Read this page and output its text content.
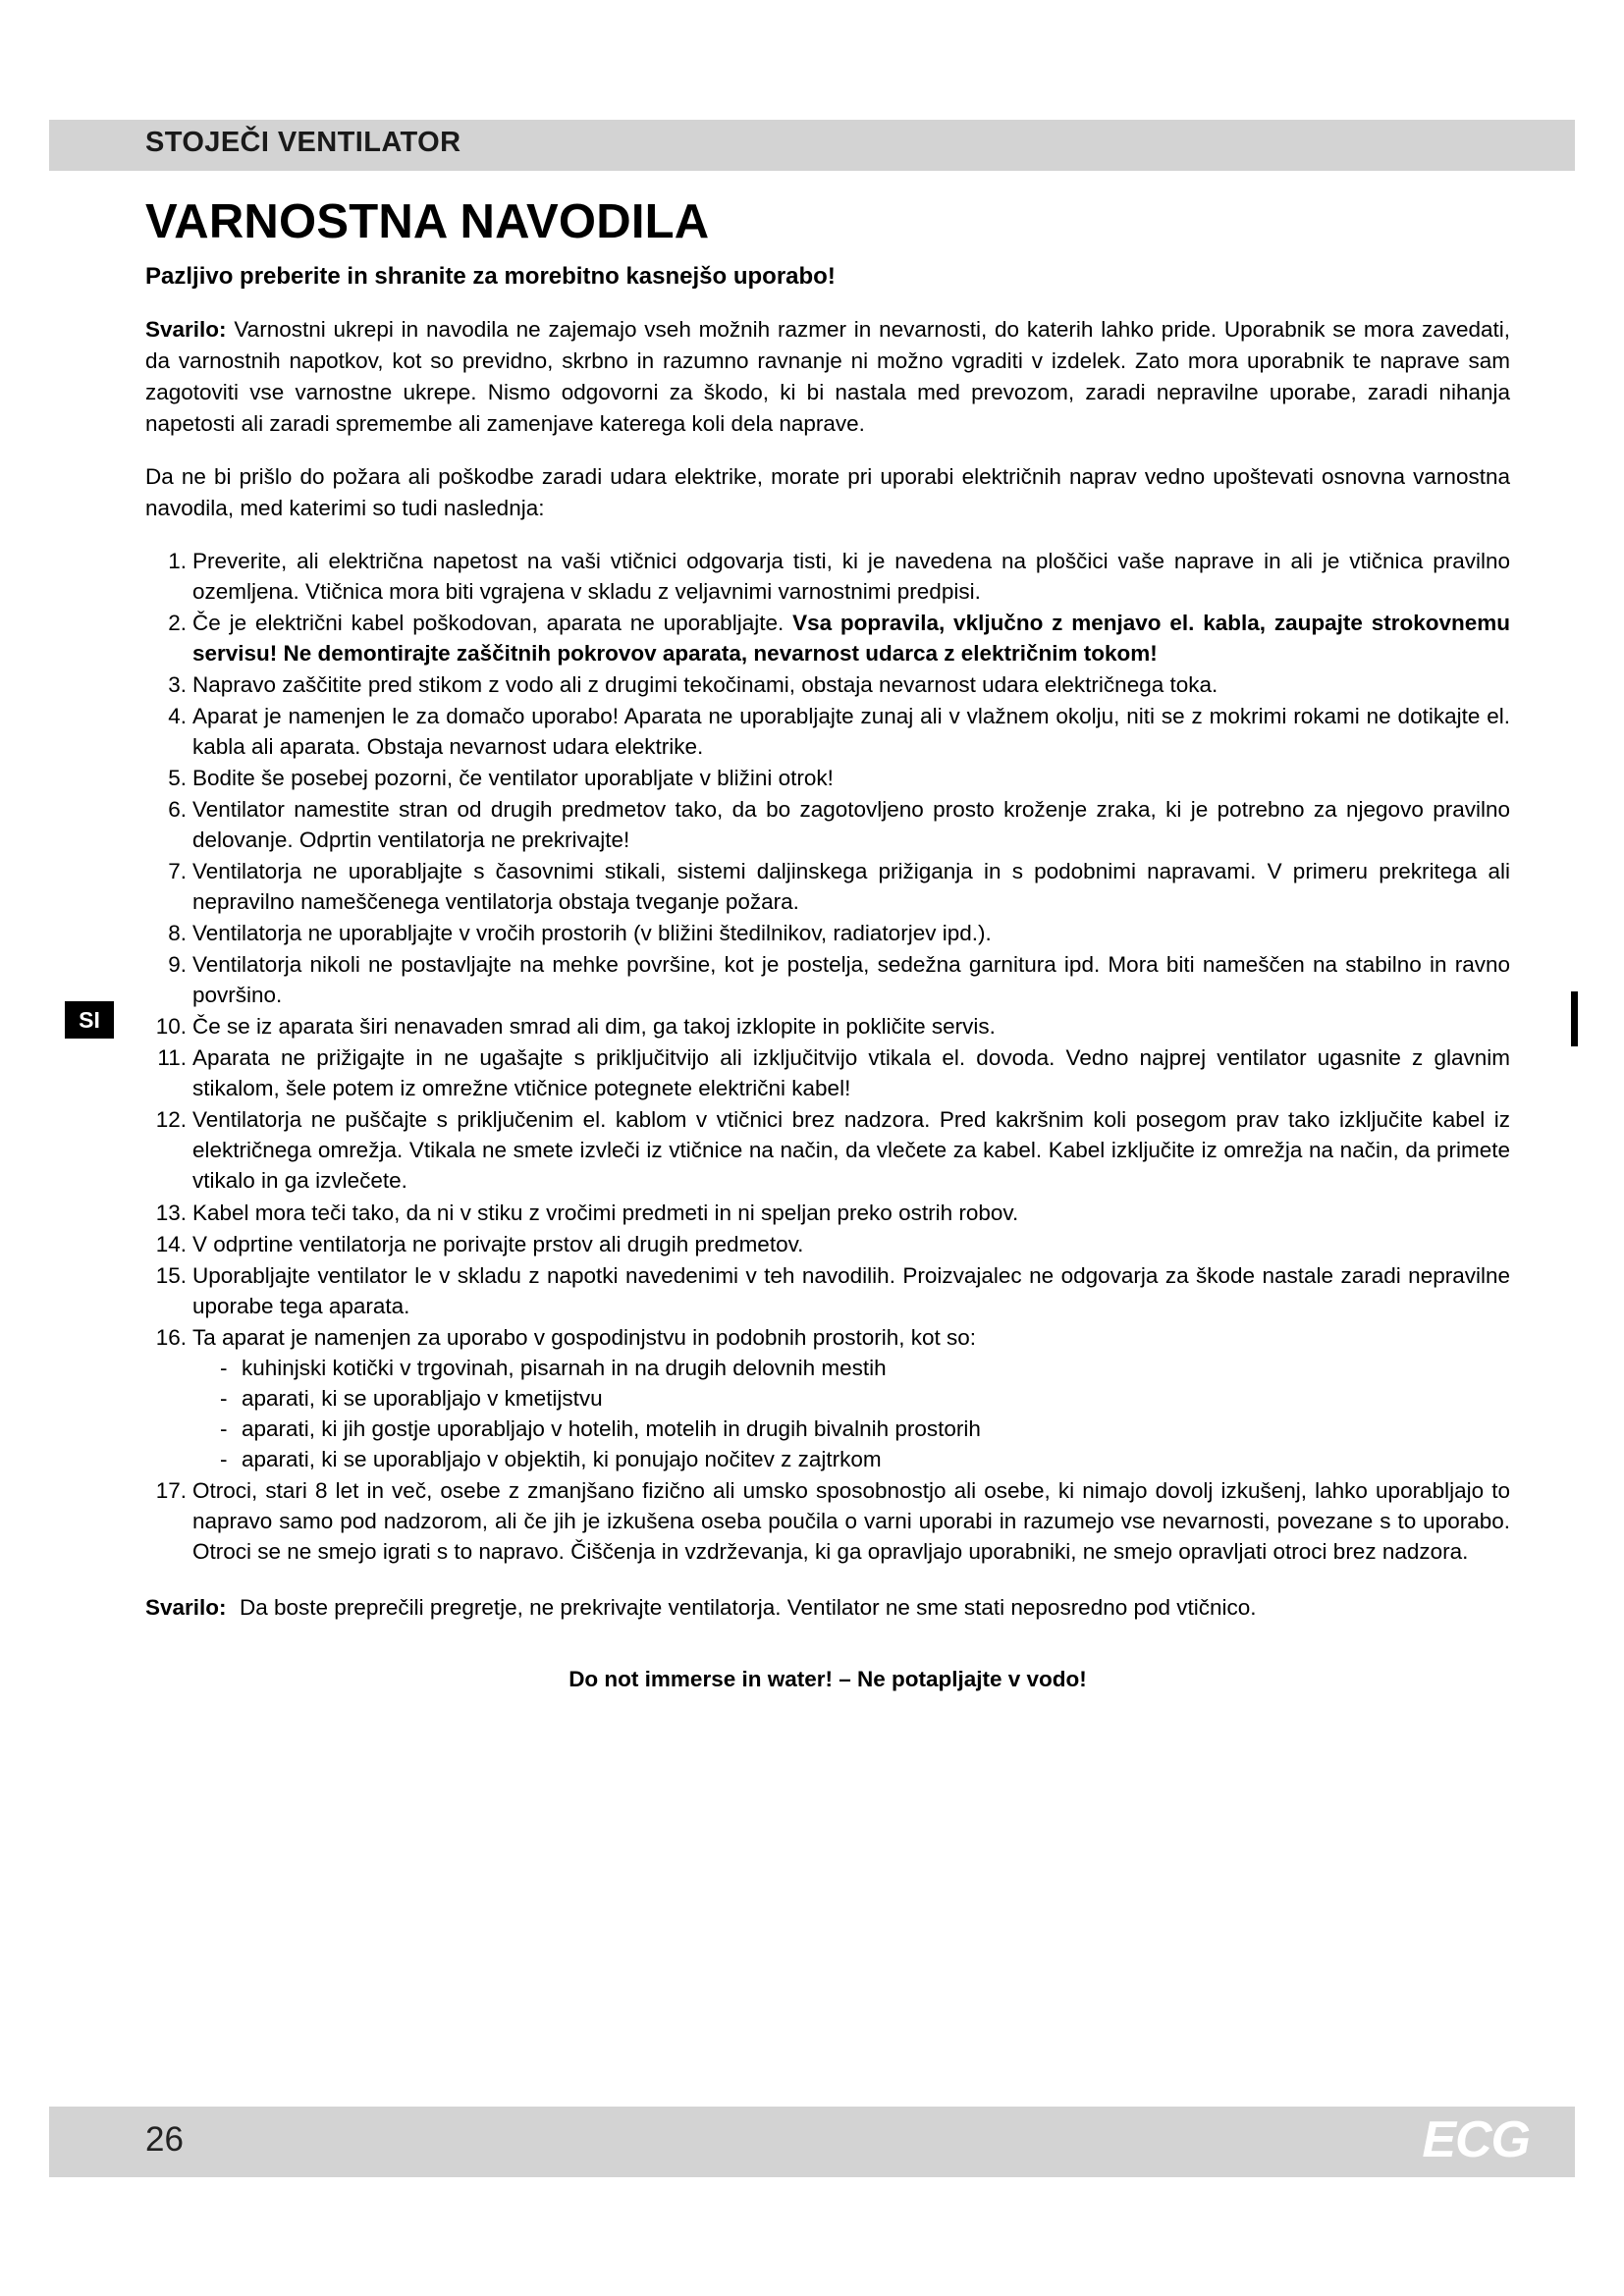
STOJEČI VENTILATOR
SI
VARNOSTNA NAVODILA
Pazljivo preberite in shranite za morebitno kasnejšo uporabo!

Svarilo: Varnostni ukrepi in navodila ne zajemajo vseh možnih razmer in nevarnosti, do katerih lahko pride. Uporabnik se mora zavedati, da varnostnih napotkov, kot so previdno, skrbno in razumno ravnanje ni možno vgraditi v izdelek. Zato mora uporabnik te naprave sam zagotoviti vse varnostne ukrepe. Nismo odgovorni za škodo, ki bi nastala med prevozom, zaradi nepravilne uporabe, zaradi nihanja napetosti ali zaradi spremembe ali zamenjave katerega koli dela naprave.

Da ne bi prišlo do požara ali poškodbe zaradi udara elektrike, morate pri uporabi električnih naprav vedno upoštevati osnovna varnostna navodila, med katerimi so tudi naslednja:

1. Preverite, ali električna napetost na vaši vtičnici odgovarja tisti, ki je navedena na ploščici vaše naprave in ali je vtičnica pravilno ozemljena. Vtičnica mora biti vgrajena v skladu z veljavnimi varnostnimi predpisi.
2. Če je električni kabel poškodovan, aparata ne uporabljajte. Vsa popravila, vključno z menjavo el. kabla, zaupajte strokovnemu servisu! Ne demontirajte zaščitnih pokrovov aparata, nevarnost udarca z električnim tokom!
3. Napravo zaščitite pred stikom z vodo ali z drugimi tekočinami, obstaja nevarnost udara električnega toka.
4. Aparat je namenjen le za domačo uporabo! Aparata ne uporabljajte zunaj ali v vlažnem okolju, niti se z mokrimi rokami ne dotikajte el. kabla ali aparata. Obstaja nevarnost udara elektrike.
5. Bodite še posebej pozorni, če ventilator uporabljate v bližini otrok!
6. Ventilator namestite stran od drugih predmetov tako, da bo zagotovljeno prosto kroženje zraka, ki je potrebno za njegovo pravilno delovanje. Odprtin ventilatorja ne prekrivajte!
7. Ventilatorja ne uporabljajte s časovnimi stikali, sistemi daljinskega prižiganja in s podobnimi napravami. V primeru prekritega ali nepravilno nameščenega ventilatorja obstaja tveganje požara.
8. Ventilatorja ne uporabljajte v vročih prostorih (v bližini štedilnikov, radiatorjev ipd.).
9. Ventilatorja nikoli ne postavljajte na mehke površine, kot je postelja, sedežna garnitura ipd. Mora biti nameščen na stabilno in ravno površino.
10. Če se iz aparata širi nenavaden smrad ali dim, ga takoj izklopite in pokličite servis.
11. Aparata ne prižigajte in ne ugašajte s priključitvijo ali izključitvijo vtikala el. dovoda. Vedno najprej ventilator ugasnite z glavnim stikalom, šele potem iz omrežne vtičnice potegnete električni kabel!
12. Ventilatorja ne puščajte s priključenim el. kablom v vtičnici brez nadzora. Pred kakršnim koli posegom prav tako izključite kabel iz električnega omrežja. Vtikala ne smete izvleči iz vtičnice na način, da vlečete za kabel. Kabel izključite iz omrežja na način, da primete vtikalo in ga izvlečete.
13. Kabel mora teči tako, da ni v stiku z vročimi predmeti in ni speljan preko ostrih robov.
14. V odprtine ventilatorja ne porivajte prstov ali drugih predmetov.
15. Uporabljajte ventilator le v skladu z napotki navedenimi v teh navodilih. Proizvajalec ne odgovarja za škode nastale zaradi nepravilne uporabe tega aparata.
16. Ta aparat je namenjen za uporabo v gospodinjstvu in podobnih prostorih, kot so:
- kuhinjski kotički v trgovinah, pisarnah in na drugih delovnih mestih
- aparati, ki se uporabljajo v kmetijstvu
- aparati, ki jih gostje uporabljajo v hotelih, motelih in drugih bivalnih prostorih
- aparati, ki se uporabljajo v objektih, ki ponujajo nočitev z zajtrkom
17. Otroci, stari 8 let in več, osebe z zmanjšano fizično ali umsko sposobnostjo ali osebe, ki nimajo dovolj izkušenj, lahko uporabljajo to napravo samo pod nadzorom, ali če jih je izkušena oseba poučila o varni uporabi in razumejo vse nevarnosti, povezane s to uporabo. Otroci se ne smejo igrati s to napravo. Čiščenja in vzdrževanja, ki ga opravljajo uporabniki, ne smejo opravljati otroci brez nadzora.
Svarilo: Da boste preprečili pregretje, ne prekrivajte ventilatorja. Ventilator ne sme stati neposredno pod vtičnico.
Do not immerse in water! – Ne potapljajte v vodo!
26	ECG
